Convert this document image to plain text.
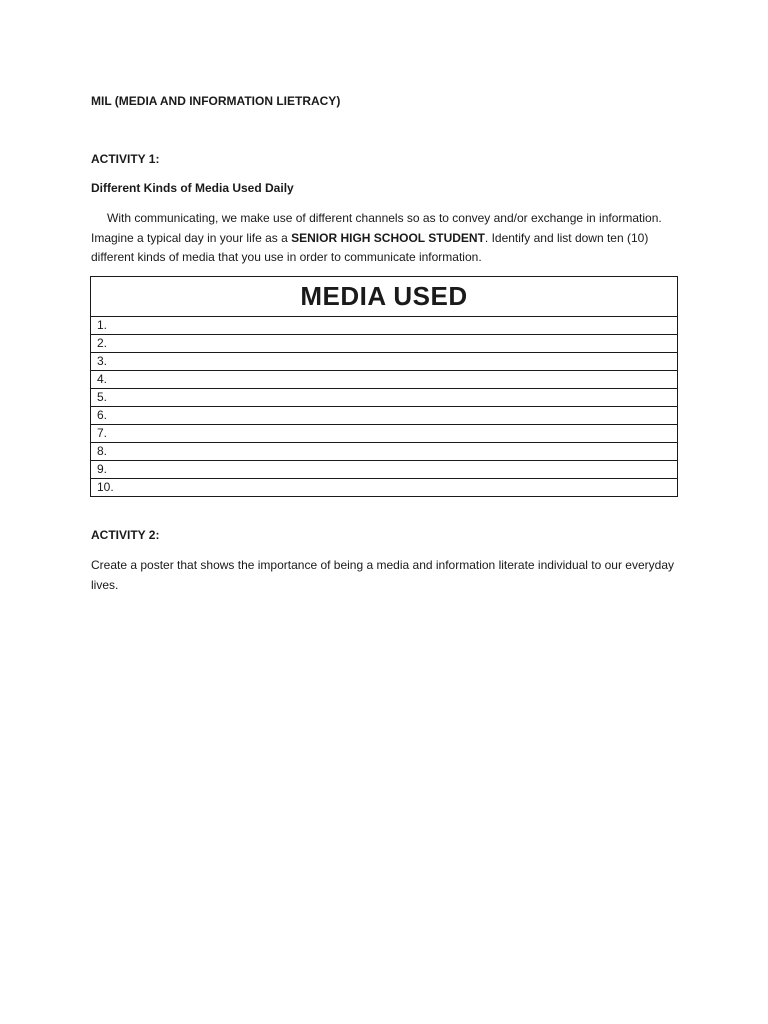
MIL (MEDIA AND INFORMATION LIETRACY)
ACTIVITY 1:
Different Kinds of Media Used Daily

With communicating, we make use of different channels so as to convey and/or exchange in information. Imagine a typical day in your life as a SENIOR HIGH SCHOOL STUDENT. Identify and list down ten (10) different kinds of media that you use in order to communicate information.

MEDIA USED
1.
2.
3.
4.
5.
6.
7.
8.
9.
10.
ACTIVITY 2:

Create a poster that shows the importance of being a media and information literate individual to our everyday lives.
